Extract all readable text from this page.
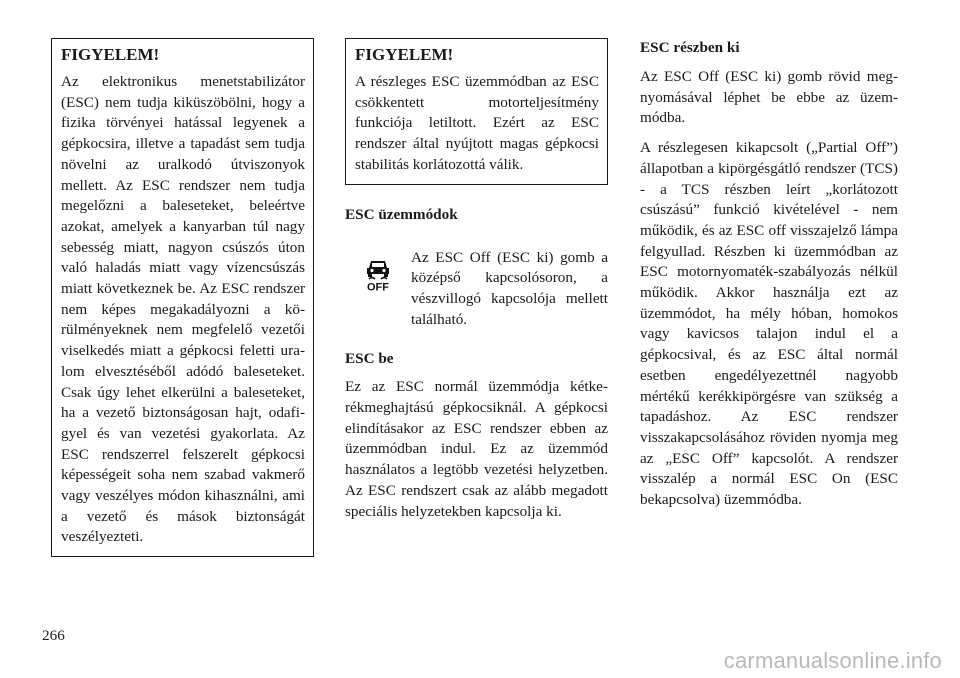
FIGYELEM!

Az elektronikus menetstabilizátor (ESC) nem tudja kiküszöbölni, hogy a fizika törvényei hatással legyenek a gépkocsira, illetve a tapadást sem tudja növelni az uralkodó útviszonyok mellett. Az ESC rendszer nem tudja megelőzni a baleseteket, beleértve azokat, amelyek a kanyarban túl nagy sebesség miatt, nagyon csúszós úton való haladás miatt vagy vízencsúszás miatt következnek be. Az ESC rendszer nem képes megakadályozni a körülményeknek nem megfelelő vezetői viselkedés miatt a gépkocsi feletti uralom elvesztéséből adódó baleseteket. Csak úgy lehet elkerülni a baleseteket, ha a vezető biztonságosan hajt, odafigyel és van vezetési gyakorlata. Az ESC rendszerrel felszerelt gépkocsi képességeit soha nem szabad vakmerő vagy veszélyes módon kihasználni, ami a vezető és mások biztonságát veszélyezteti.

FIGYELEM!

A részleges ESC üzemmódban az ESC csökkentett motorteljesítmény funkciója letiltott. Ezért az ESC rendszer által nyújtott magas gépkocsi stabilitás korlátozottá válik.

ESC üzemmódok
OFF

Az ESC Off (ESC ki) gomb a középső kapcsolósoron, a vészvillogó kapcsolója mellett található.

ESC be

Ez az ESC normál üzemmódja kétkerékmeghajtású gépkocsiknál. A gépkocsi elindításakor az ESC rendszer ebben az üzemmódban indul. Ez az üzemmód használatos a legtöbb vezetési helyzetben. Az ESC rendszert csak az alább megadott speciális helyzetekben kapcsolja ki.

ESC részben ki

Az ESC Off (ESC ki) gomb rövid megnyomásával léphet be ebbe az üzemmódba.

A részlegesen kikapcsolt („Partial Off”) állapotban a kipörgésgátló rendszer (TCS) - a TCS részben leírt „korlátozott csúszású” funkció kivételével - nem működik, és az ESC off visszajelző lámpa felgyullad. Részben ki üzemmódban az ESC motornyomaték-szabályozás nélkül működik. Akkor használja ezt az üzemmódot, ha mély hóban, homokos vagy kavicsos talajon indul el a gépkocsival, és az ESC által normál esetben engedélyezettnél nagyobb mértékű kerékkipörgésre van szükség a tapadáshoz. Az ESC rendszer visszakapcsolásához röviden nyomja meg az „ESC Off” kapcsolót. A rendszer visszalép a normál ESC On (ESC bekapcsolva) üzemmódba.

266
carmanualsonline.info
